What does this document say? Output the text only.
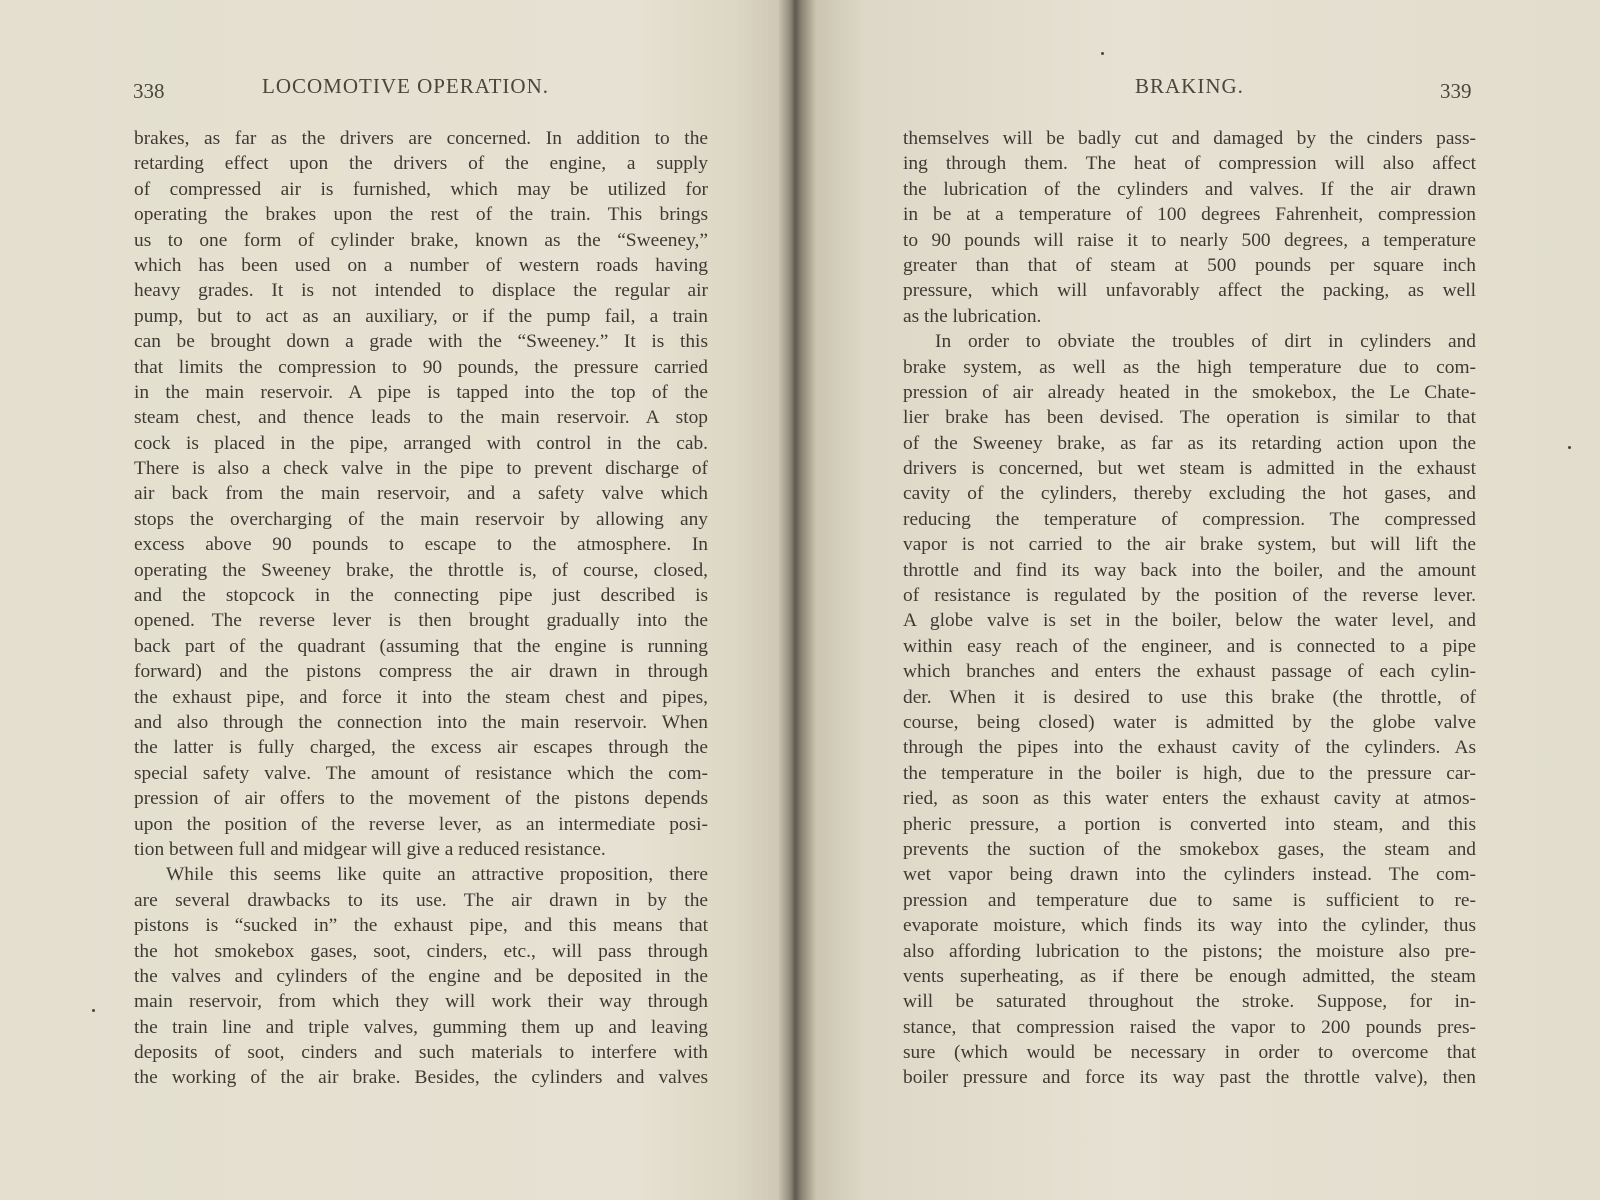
338	LOCOMOTIVE OPERATION.
brakes, as far as the drivers are concerned. In addition to the
retarding effect upon the drivers of the engine, a supply
of compressed air is furnished, which may be utilized for
operating the brakes upon the rest of the train. This brings
us to one form of cylinder brake, known as the “Sweeney,”
which has been used on a number of western roads having
heavy grades. It is not intended to displace the regular air
pump, but to act as an auxiliary, or if the pump fail, a train
can be brought down a grade with the “Sweeney.” It is this
that limits the compression to 90 pounds, the pressure carried
in the main reservoir. A pipe is tapped into the top of the
steam chest, and thence leads to the main reservoir. A stop
cock is placed in the pipe, arranged with control in the cab.
There is also a check valve in the pipe to prevent discharge of
air back from the main reservoir, and a safety valve which
stops the overcharging of the main reservoir by allowing any
excess above 90 pounds to escape to the atmosphere. In
operating the Sweeney brake, the throttle is, of course, closed,
and the stopcock in the connecting pipe just described is
opened. The reverse lever is then brought gradually into the
back part of the quadrant (assuming that the engine is running
forward) and the pistons compress the air drawn in through
the exhaust pipe, and force it into the steam chest and pipes,
and also through the connection into the main reservoir. When
the latter is fully charged, the excess air escapes through the
special safety valve. The amount of resistance which the com-
pression of air offers to the movement of the pistons depends
upon the position of the reverse lever, as an intermediate posi-
tion between full and midgear will give a reduced resistance.
While this seems like quite an attractive proposition, there
are several drawbacks to its use. The air drawn in by the
pistons is “sucked in” the exhaust pipe, and this means that
the hot smokebox gases, soot, cinders, etc., will pass through
the valves and cylinders of the engine and be deposited in the
main reservoir, from which they will work their way through
the train line and triple valves, gumming them up and leaving
deposits of soot, cinders and such materials to interfere with
the working of the air brake. Besides, the cylinders and valves
BRAKING.	339
themselves will be badly cut and damaged by the cinders pass-
ing through them. The heat of compression will also affect
the lubrication of the cylinders and valves. If the air drawn
in be at a temperature of 100 degrees Fahrenheit, compression
to 90 pounds will raise it to nearly 500 degrees, a temperature
greater than that of steam at 500 pounds per square inch
pressure, which will unfavorably affect the packing, as well
as the lubrication.
In order to obviate the troubles of dirt in cylinders and
brake system, as well as the high temperature due to com-
pression of air already heated in the smokebox, the Le Chate-
lier brake has been devised. The operation is similar to that
of the Sweeney brake, as far as its retarding action upon the
drivers is concerned, but wet steam is admitted in the exhaust
cavity of the cylinders, thereby excluding the hot gases, and
reducing the temperature of compression. The compressed
vapor is not carried to the air brake system, but will lift the
throttle and find its way back into the boiler, and the amount
of resistance is regulated by the position of the reverse lever.
A globe valve is set in the boiler, below the water level, and
within easy reach of the engineer, and is connected to a pipe
which branches and enters the exhaust passage of each cylin-
der. When it is desired to use this brake (the throttle, of
course, being closed) water is admitted by the globe valve
through the pipes into the exhaust cavity of the cylinders. As
the temperature in the boiler is high, due to the pressure car-
ried, as soon as this water enters the exhaust cavity at atmos-
pheric pressure, a portion is converted into steam, and this
prevents the suction of the smokebox gases, the steam and
wet vapor being drawn into the cylinders instead. The com-
pression and temperature due to same is sufficient to re-
evaporate moisture, which finds its way into the cylinder, thus
also affording lubrication to the pistons; the moisture also pre-
vents superheating, as if there be enough admitted, the steam
will be saturated throughout the stroke. Suppose, for in-
stance, that compression raised the vapor to 200 pounds pres-
sure (which would be necessary in order to overcome that
boiler pressure and force its way past the throttle valve), then
